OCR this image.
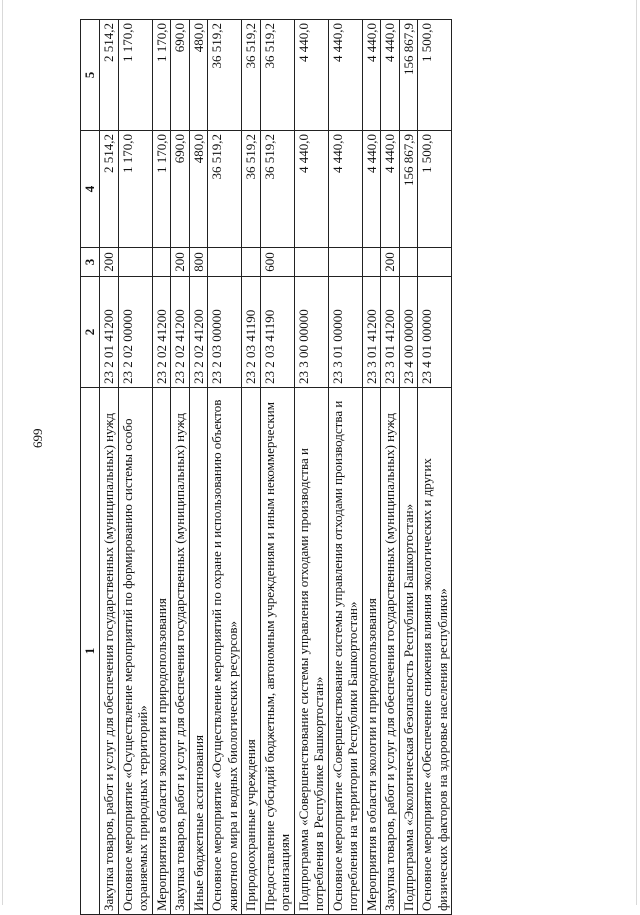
699
1	2	3	4	5
Закупка товаров, работ и услуг для обеспечения государственных (муниципальных) нужд	23 2 01 41200	200	2 514,2	2 514,2
Основное мероприятие «Осуществление мероприятий по формированию системы особо охраняемых природных территорий»	23 2 02 00000		1 170,0	1 170,0
Мероприятия в области экологии и природопользования	23 2 02 41200		1 170,0	1 170,0
Закупка товаров, работ и услуг для обеспечения государственных (муниципальных) нужд	23 2 02 41200	200	690,0	690,0
Иные бюджетные ассигнования	23 2 02 41200	800	480,0	480,0
Основное мероприятие «Осуществление мероприятий по охране и использованию объектов животного мира и водных биологических ресурсов»	23 2 03 00000		36 519,2	36 519,2
Природоохранные учреждения	23 2 03 41190		36 519,2	36 519,2
Предоставление субсидий бюджетным, автономным учреждениям и иным некоммерческим организациям	23 2 03 41190	600	36 519,2	36 519,2
Подпрограмма «Совершенствование системы управления отходами производства и потребления в Республике Башкортостан»	23 3 00 00000		4 440,0	4 440,0
Основное мероприятие «Совершенствование системы управления отходами производства и потребления на территории Республики Башкортостан»	23 3 01 00000		4 440,0	4 440,0
Мероприятия в области экологии и природопользования	23 3 01 41200		4 440,0	4 440,0
Закупка товаров, работ и услуг для обеспечения государственных (муниципальных) нужд	23 3 01 41200	200	4 440,0	4 440,0
Подпрограмма «Экологическая безопасность Республики Башкортостан»	23 4 00 00000		156 867,9	156 867,9
Основное мероприятие «Обеспечение снижения влияния экологических и других физических факторов на здоровье населения республики»	23 4 01 00000		1 500,0	1 500,0
